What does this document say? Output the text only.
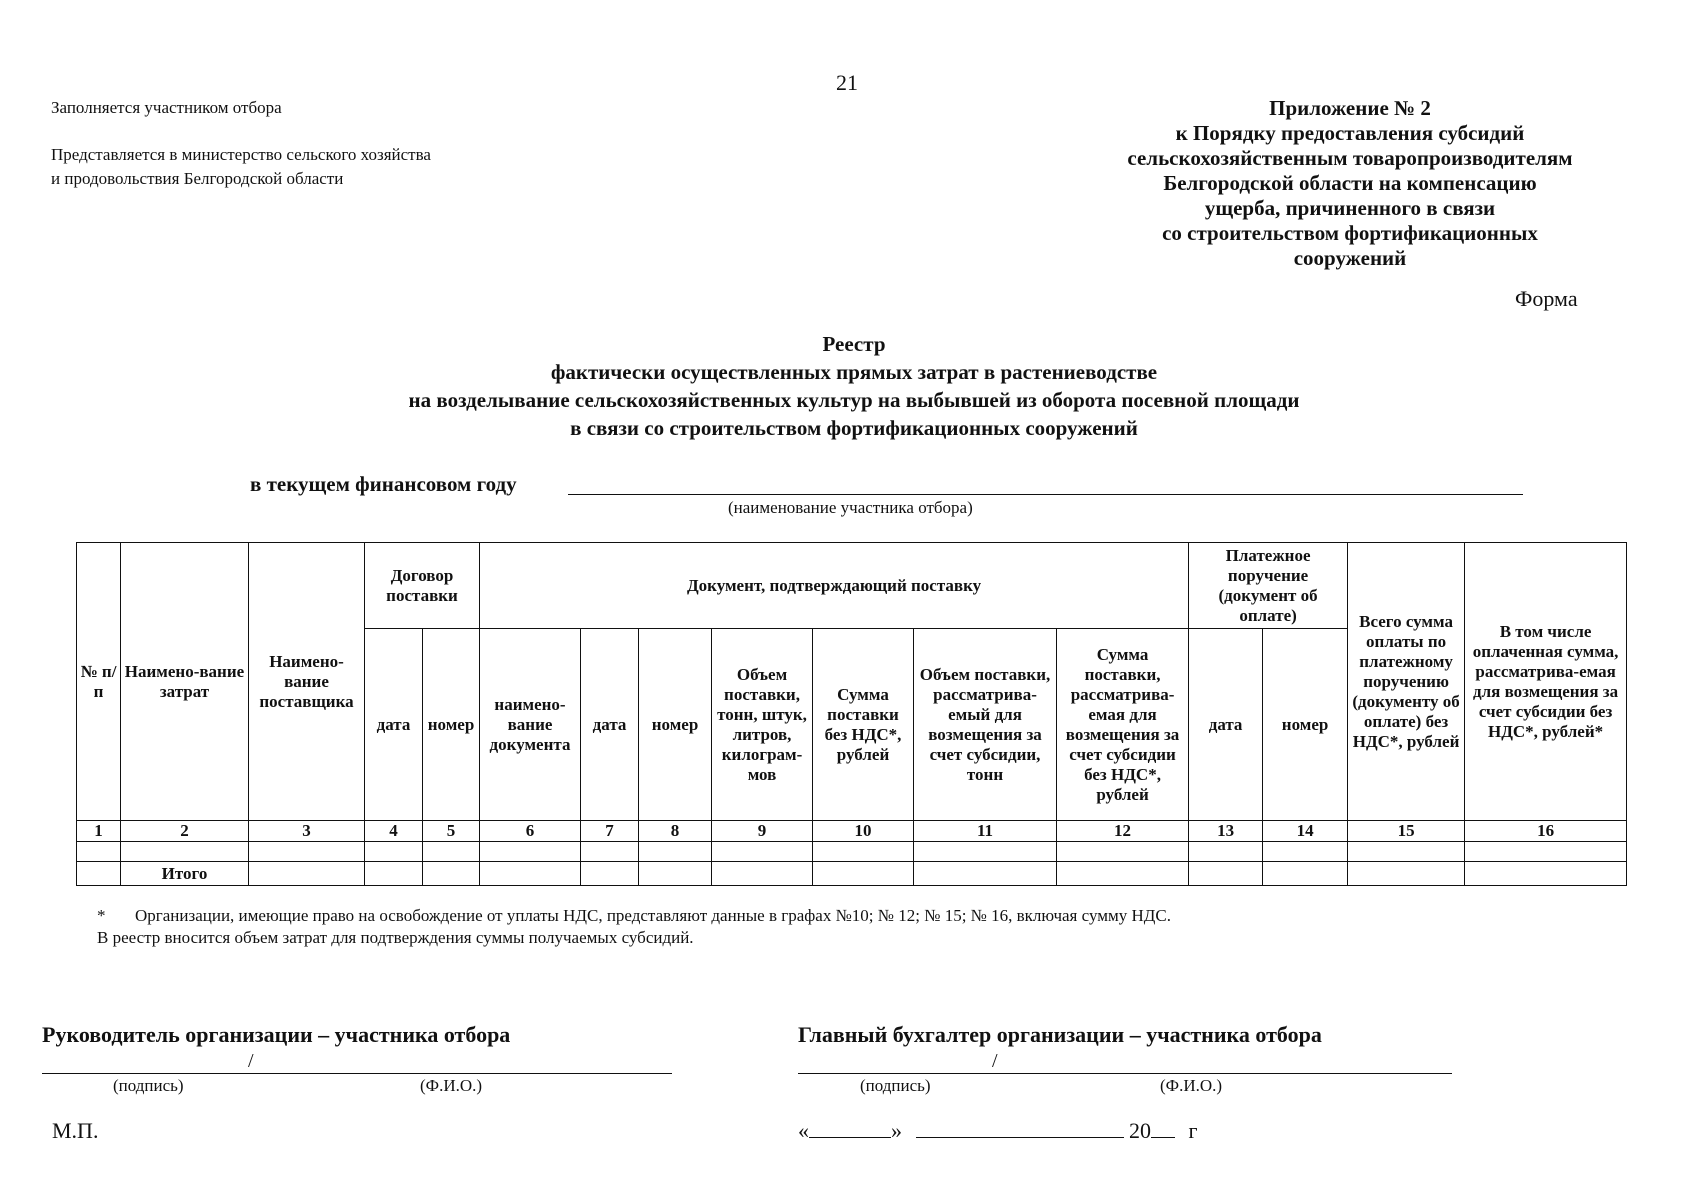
21
Заполняется участником отбора
Представляется в министерство сельского хозяйства
и продовольствия Белгородской области
Приложение № 2
к Порядку предоставления субсидий
сельскохозяйственным товаропроизводителям
Белгородской области на компенсацию
ущерба, причиненного в связи
со строительством фортификационных
сооружений
Форма
Реестр
фактически осуществленных прямых затрат в растениеводстве
на возделывание сельскохозяйственных культур на выбывшей из оборота посевной площади
в связи со строительством фортификационных сооружений
в текущем финансовом году
(наименование участника отбора)
№ п/п	Наимено-вание затрат	Наимено-вание поставщика	Договор поставки		Документ, подтверждающий поставку							Платежное поручение (документ об оплате)		Всего сумма оплаты по платежному поручению (документу об оплате) без НДС*, рублей	В том числе оплаченная сумма, рассматрива-емая для возмещения за счет субсидии без НДС*, рублей*
			дата	номер	наимено-вание документа	дата	номер	Объем поставки, тонн, штук, литров, килограм-мов	Сумма поставки без НДС*, рублей	Объем поставки, рассматрива-емый для возмещения за счет субсидии, тонн	Сумма поставки, рассматрива-емая для возмещения за счет субсидии без НДС*, рублей	дата	номер		
1	2	3	4	5	6	7	8	9	10	11	12	13	14	15	16

	Итого														
* Организации, имеющие право на освобождение от уплаты НДС, представляют данные в графах №10; № 12; № 15; № 16, включая сумму НДС.
В реестр вносится объем затрат для подтверждения суммы получаемых субсидий.
Руководитель организации – участника отбора
/
(подпись)	(Ф.И.О.)
Главный бухгалтер организации – участника отбора
/
(подпись)	(Ф.И.О.)
М.П.	«	»	20 г
